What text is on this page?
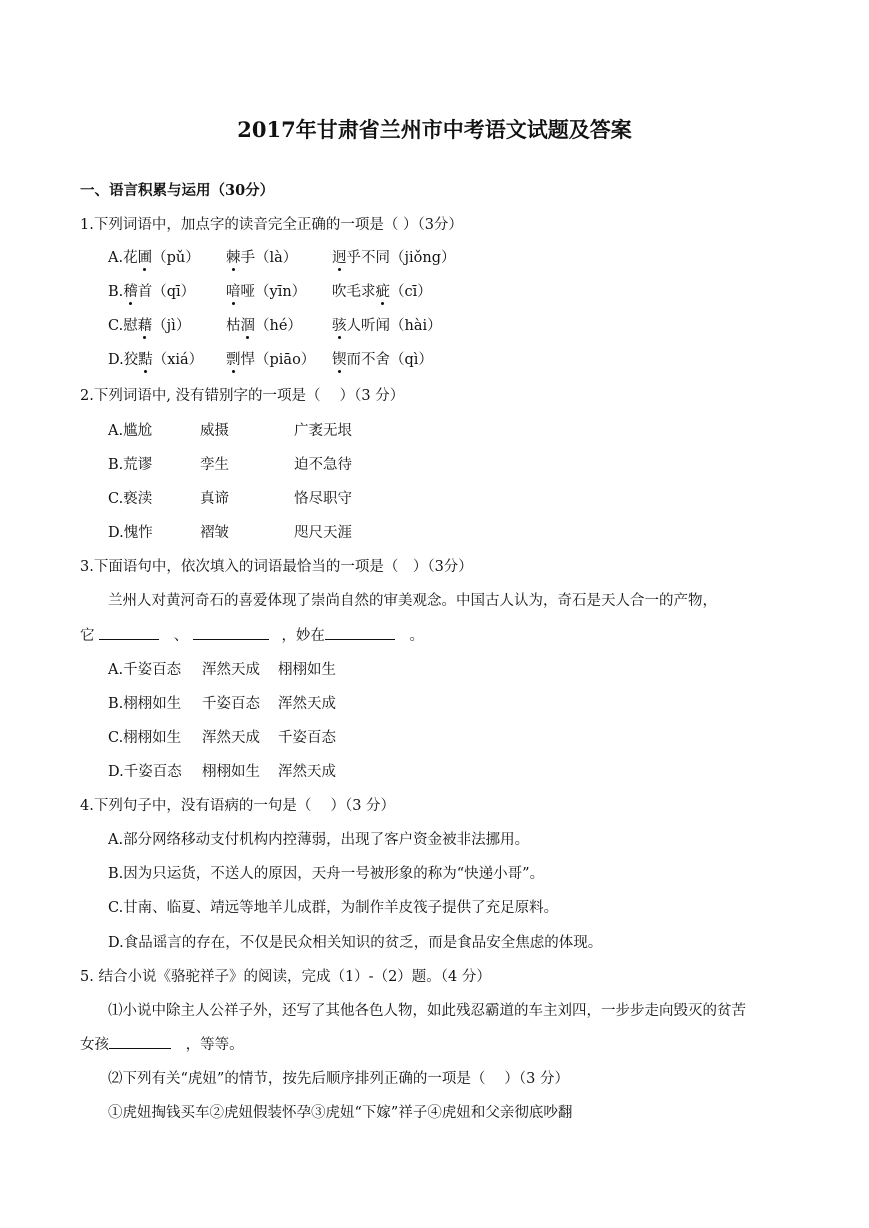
2017年甘肃省兰州市中考语文试题及答案
一、语言积累与运用（30分）
1.下列词语中，加点字的读音完全正确的一项是（ ）（3分）
A.花圃（pǔ） 棘手（là） 迥乎不同（jiǒng）
B.稽首（qī） 喑哑（yīn） 吹毛求疵（cī）
C.慰藉（jì） 枯涸（hé） 骇人听闻（hài）
D.狡黠（xiá） 剽悍（piāo） 锲而不舍（qì）
2.下列词语中, 没有错别字的一项是（　 ）（3 分）
A.尴尬	威摄	广袤无垠
B.荒谬	孪生	迫不急待
C.亵渎	真谛	恪尽职守
D.愧怍	褶皱	咫尺天涯
3.下面语句中，依次填入的词语最恰当的一项是（　）（3分）
兰州人对黄河奇石的喜爱体现了崇尚自然的审美观念。中国古人认为，奇石是天人合一的产物，
它	、	，妙在	。
A.千姿百态 浑然天成 栩栩如生
B.栩栩如生 千姿百态 浑然天成
C.栩栩如生 浑然天成 千姿百态
D.千姿百态 栩栩如生 浑然天成
4.下列句子中，没有语病的一句是（　 ）（3 分）
A.部分网络移动支付机构内控薄弱，出现了客户资金被非法挪用。
B.因为只运货，不送人的原因，天舟一号被形象的称为“快递小哥”。
C.甘南、临夏、靖远等地羊儿成群，为制作羊皮筏子提供了充足原料。
D.食品谣言的存在，不仅是民众相关知识的贫乏，而是食品安全焦虑的体现。
5. 结合小说《骆驼祥子》的阅读，完成（1）-（2）题。（4 分）
⑴小说中除主人公祥子外，还写了其他各色人物，如此残忍霸道的车主刘四，一步步走向毁灭的贫苦
女孩	，等等。
⑵下列有关“虎妞”的情节，按先后顺序排列正确的一项是（　 ）（3 分）
①虎妞掏钱买车②虎妞假装怀孕③虎妞“下嫁”祥子④虎妞和父亲彻底吵翻
